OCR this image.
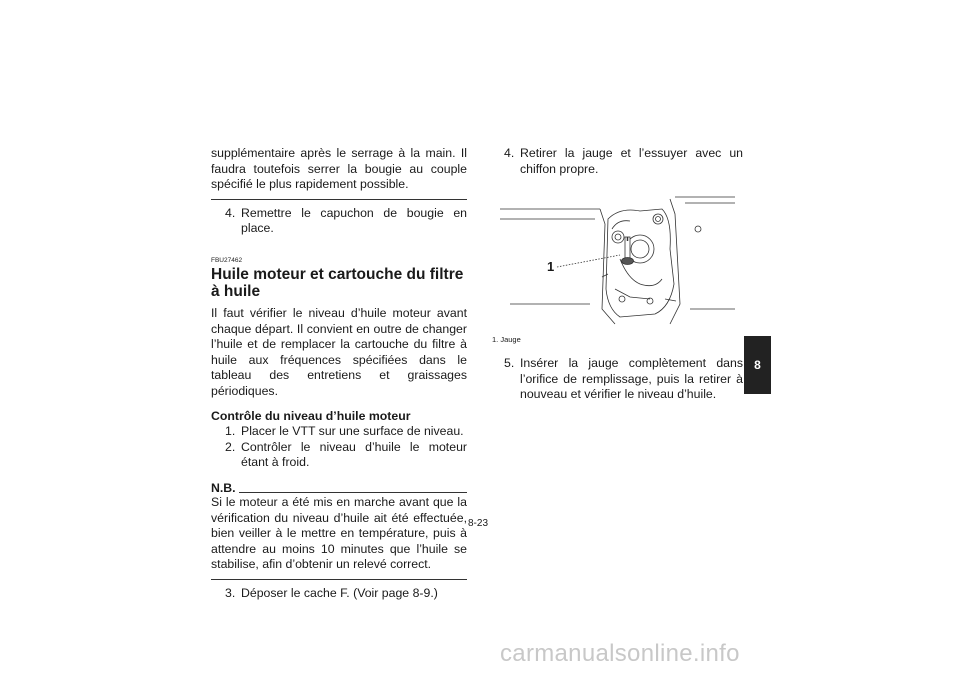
supplémentaire après le serrage à la main. Il faudra toutefois serrer la bougie au couple spécifié le plus rapidement possible.

4. Remettre le capuchon de bougie en place.
FBU27462
Huile moteur et cartouche du filtre à huile

Il faut vérifier le niveau d’huile moteur avant chaque départ. Il convient en outre de changer l’huile et de remplacer la cartouche du filtre à huile aux fréquences spécifiées dans le tableau des entretiens et graissages périodiques.

Contrôle du niveau d’huile moteur
1. Placer le VTT sur une surface de niveau.
2. Contrôler le niveau d’huile le moteur étant à froid.
N.B.

Si le moteur a été mis en marche avant que la vérification du niveau d’huile ait été effectuée, bien veiller à le mettre en température, puis à attendre au moins 10 minutes que l’huile se stabilise, afin d’obtenir un relevé correct.

3. Déposer le cache F. (Voir page 8-9.)
4. Retirer la jauge et l’essuyer avec un chiffon propre.
1
1. Jauge
5. Insérer la jauge complètement dans l’orifice de remplissage, puis la retirer à nouveau et vérifier le niveau d’huile.
8-23
8
carmanualsonline.info
